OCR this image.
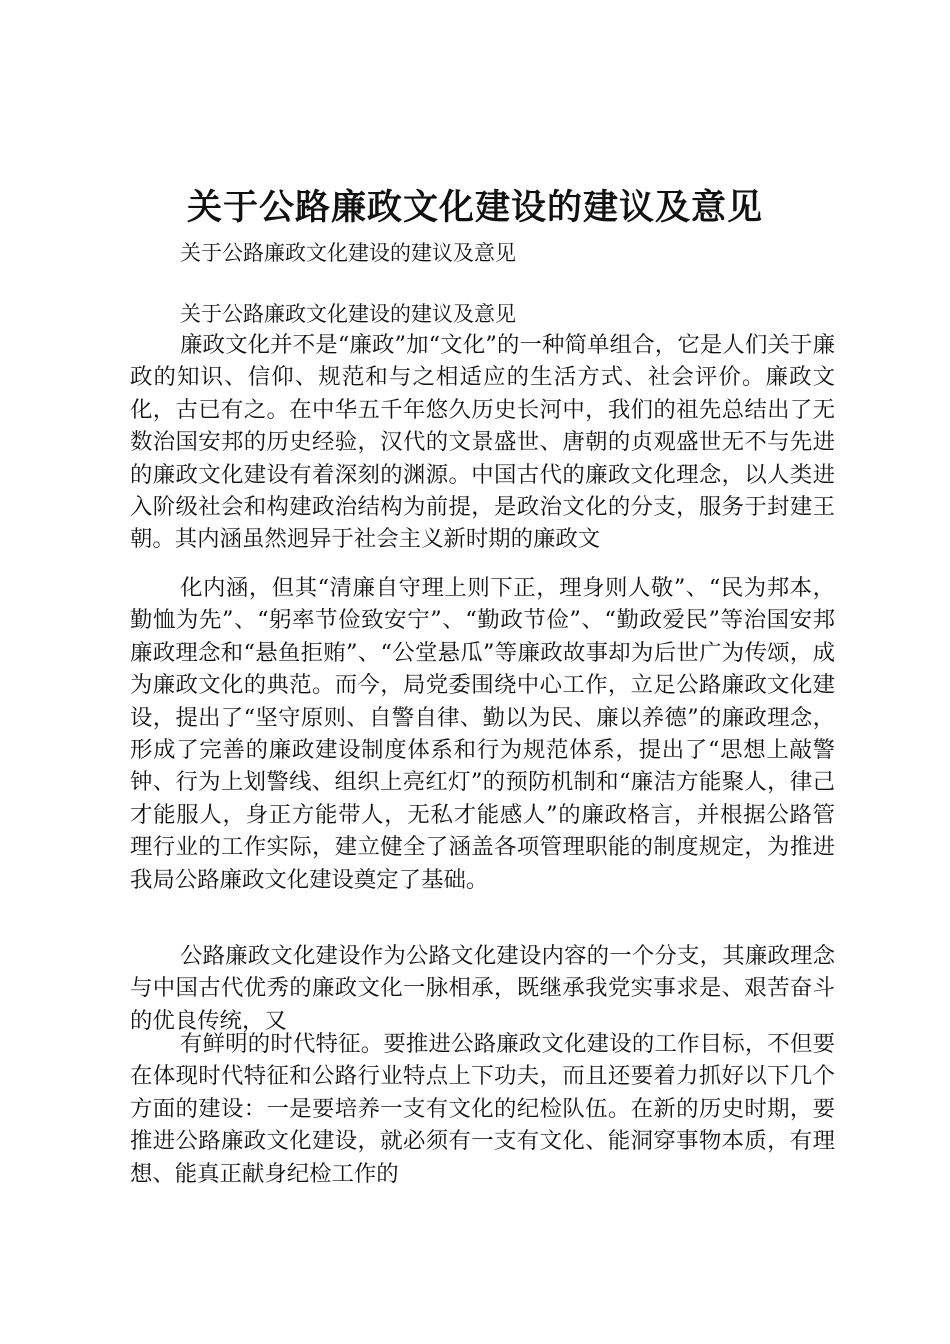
关于公路廉政文化建设的建议及意见

关于公路廉政文化建设的建议及意见

关于公路廉政文化建设的建议及意见

廉政文化并不是“廉政”加“文化”的一种简单组合，它是人们关于廉政的知识、信仰、规范和与之相适应的生活方式、社会评价。廉政文化，古已有之。在中华五千年悠久历史长河中，我们的祖先总结出了无数治国安邦的历史经验，汉代的文景盛世、唐朝的贞观盛世无不与先进的廉政文化建设有着深刻的渊源。中国古代的廉政文化理念，以人类进入阶级社会和构建政治结构为前提，是政治文化的分支，服务于封建王朝。其内涵虽然迥异于社会主义新时期的廉政文

化内涵，但其“清廉自守理上则下正，理身则人敬”、“民为邦本，勤恤为先”、“躬率节俭致安宁”、“勤政节俭”、“勤政爱民”等治国安邦廉政理念和“悬鱼拒贿”、“公堂悬瓜”等廉政故事却为后世广为传颂，成为廉政文化的典范。而今，局党委围绕中心工作，立足公路廉政文化建设，提出了“坚守原则、自警自律、勤以为民、廉以养德”的廉政理念，形成了完善的廉政建设制度体系和行为规范体系，提出了“思想上敲警钟、行为上划警线、组织上亮红灯”的预防机制和“廉洁方能聚人，律己才能服人，身正方能带人，无私才能感人”的廉政格言，并根据公路管理行业的工作实际，建立健全了涵盖各项管理职能的制度规定，为推进我局公路廉政文化建设奠定了基础。

公路廉政文化建设作为公路文化建设内容的一个分支，其廉政理念与中国古代优秀的廉政文化一脉相承，既继承我党实事求是、艰苦奋斗的优良传统，又

有鲜明的时代特征。要推进公路廉政文化建设的工作目标，不但要在体现时代特征和公路行业特点上下功夫，而且还要着力抓好以下几个方面的建设：一是要培养一支有文化的纪检队伍。在新的历史时期，要推进公路廉政文化建设，就必须有一支有文化、能洞穿事物本质，有理想、能真正献身纪检工作的
